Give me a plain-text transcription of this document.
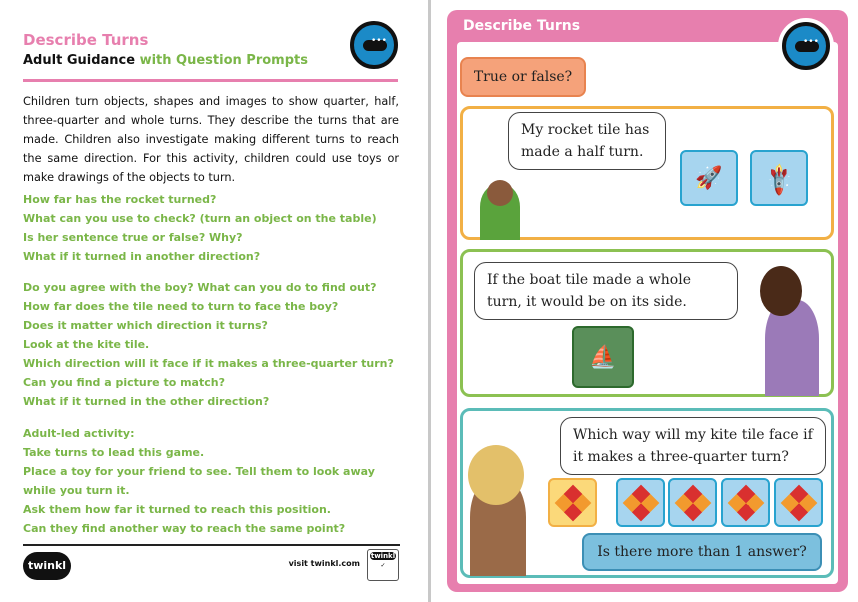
Describe Turns
Adult Guidance with Question Prompts
•••
Children turn objects, shapes and images to show quarter, half, three-quarter and whole turns. They describe the turns that are made. Children also investigate making different turns to reach the same direction. For this activity, children could use toys or make drawings of the objects to turn.
How far has the rocket turned?
What can you use to check? (turn an object on the table)
Is her sentence true or false? Why?
What if it turned in another direction?
Do you agree with the boy? What can you do to find out?
How far does the tile need to turn to face the boy?
Does it matter which direction it turns?
Look at the kite tile.
Which direction will it face if it makes a three-quarter turn?
Can you find a picture to match?
What if it turned in the other direction?
Adult-led activity:
Take turns to lead this game.
Place a toy for your friend to see. Tell them to look away while you turn it.
Ask them how far it turned to reach this position.
Can they find another way to reach the same point?
twinkl	visit twinkl.com
twinkl
✓
Describe Turns
•••
True or false?
My rocket tile has made a half turn.
🚀	🚀
If the boat tile made a whole turn, it would be on its side.
⛵
Which way will my kite tile face if it makes a three-quarter turn?
Is there more than 1 answer?
